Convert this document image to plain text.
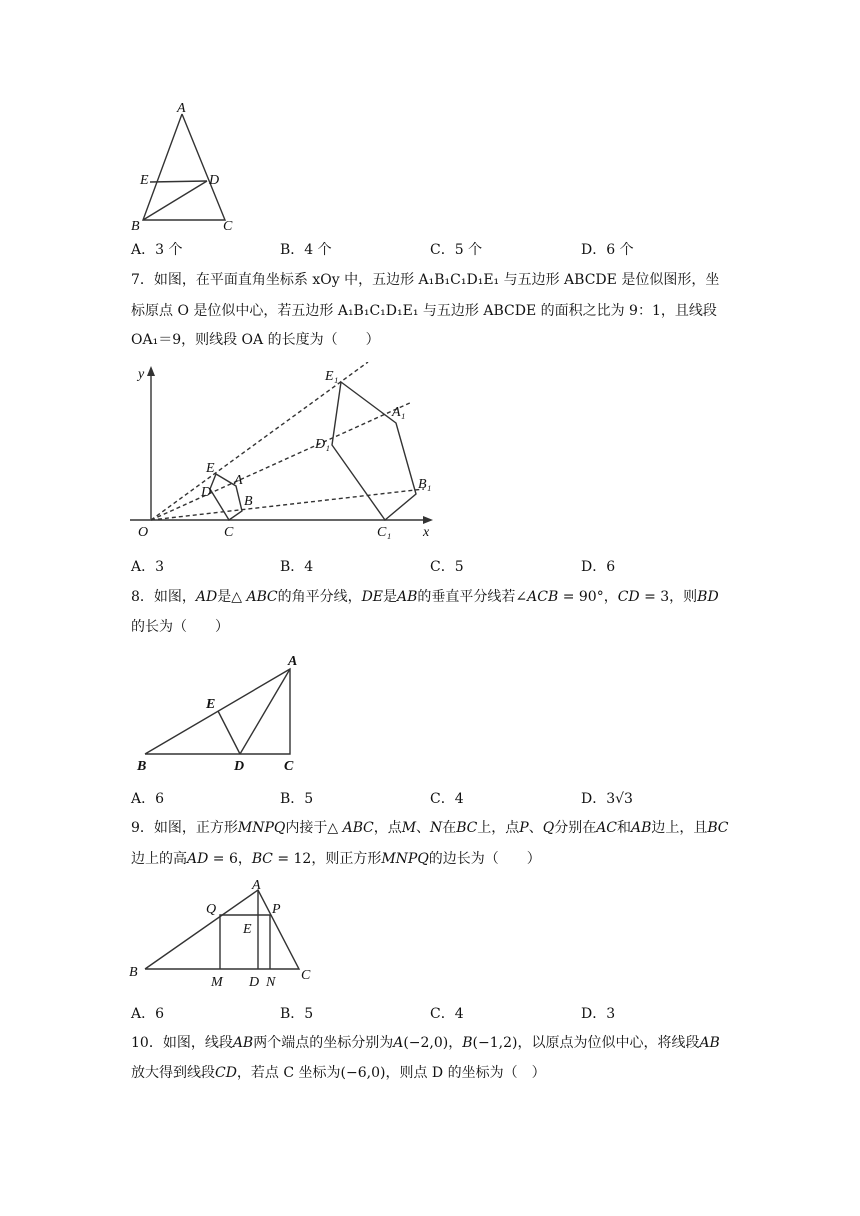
A
E	D
B	C
A．3 个	B．4 个	C．5 个	D．6 个
7．如图，在平面直角坐标系 xOy 中，五边形 A₁B₁C₁D₁E₁ 与五边形 ABCDE 是位似图形，坐
标原点 O 是位似中心，若五边形 A₁B₁C₁D₁E₁ 与五边形 ABCDE 的面积之比为 9：1，且线段
OA₁＝9，则线段 OA 的长度为（　　）
y
x
O
E
A
D
B
C
E₁
A₁
D₁
B₁
C₁
A．3	B．4	C．5	D．6
8．如图，𝐴𝐷是△ 𝐴𝐵𝐶的角平分线，𝐷𝐸是𝐴𝐵的垂直平分线若∠𝐴𝐶𝐵 = 90°，𝐶𝐷 = 3，则𝐵𝐷
的长为（　　）
A
E
B	D	C
A．6	B．5	C．4	D．3√3
9．如图，正方形𝑀𝑁𝑃𝑄内接于△ 𝐴𝐵𝐶，点𝑀、𝑁在𝐵𝐶上，点𝑃、𝑄分别在𝐴𝐶和𝐴𝐵边上，且𝐵𝐶
边上的高𝐴𝐷 = 6，𝐵𝐶 = 12，则正方形𝑀𝑁𝑃𝑄的边长为（　　）
A
Q	P
E
B	C
M D N
A．6	B．5	C．4	D．3
10．如图，线段𝐴𝐵两个端点的坐标分别为𝐴(−2,0)，𝐵(−1,2)，以原点为位似中心，将线段𝐴𝐵
放大得到线段𝐶𝐷，若点 C 坐标为(−6,0)，则点 D 的坐标为（　）
